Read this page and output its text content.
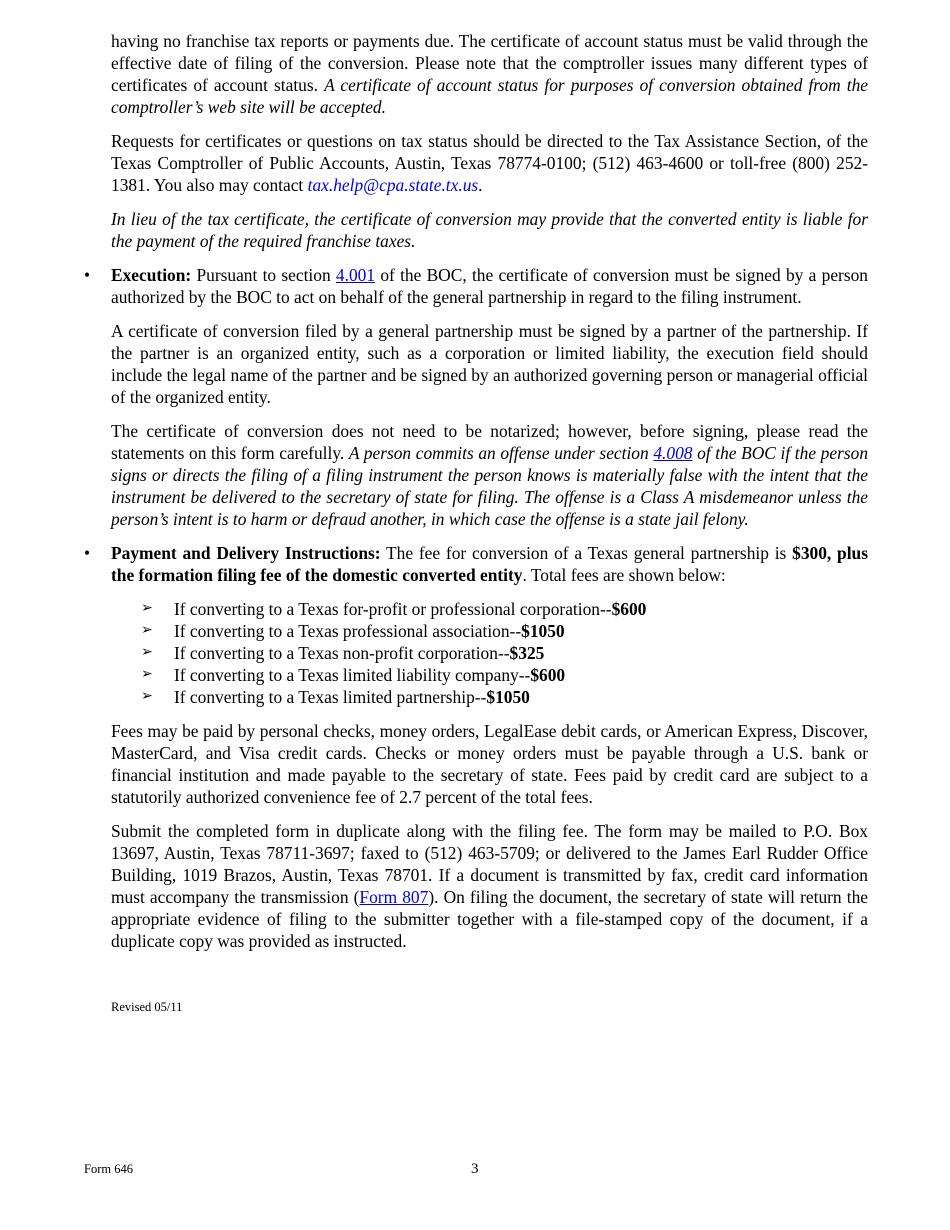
having no franchise tax reports or payments due. The certificate of account status must be valid through the effective date of filing of the conversion. Please note that the comptroller issues many different types of certificates of account status. A certificate of account status for purposes of conversion obtained from the comptroller’s web site will be accepted.

Requests for certificates or questions on tax status should be directed to the Tax Assistance Section, of the Texas Comptroller of Public Accounts, Austin, Texas 78774-0100; (512) 463-4600 or toll-free (800) 252-1381. You also may contact tax.help@cpa.state.tx.us.

In lieu of the tax certificate, the certificate of conversion may provide that the converted entity is liable for the payment of the required franchise taxes.

• Execution: Pursuant to section 4.001 of the BOC, the certificate of conversion must be signed by a person authorized by the BOC to act on behalf of the general partnership in regard to the filing instrument.

A certificate of conversion filed by a general partnership must be signed by a partner of the partnership. If the partner is an organized entity, such as a corporation or limited liability, the execution field should include the legal name of the partner and be signed by an authorized governing person or managerial official of the organized entity.

The certificate of conversion does not need to be notarized; however, before signing, please read the statements on this form carefully. A person commits an offense under section 4.008 of the BOC if the person signs or directs the filing of a filing instrument the person knows is materially false with the intent that the instrument be delivered to the secretary of state for filing. The offense is a Class A misdemeanor unless the person’s intent is to harm or defraud another, in which case the offense is a state jail felony.

• Payment and Delivery Instructions: The fee for conversion of a Texas general partnership is $300, plus the formation filing fee of the domestic converted entity. Total fees are shown below:

➢ If converting to a Texas for-profit or professional corporation--$600
➢ If converting to a Texas professional association--$1050
➢ If converting to a Texas non-profit corporation--$325
➢ If converting to a Texas limited liability company--$600
➢ If converting to a Texas limited partnership--$1050

Fees may be paid by personal checks, money orders, LegalEase debit cards, or American Express, Discover, MasterCard, and Visa credit cards. Checks or money orders must be payable through a U.S. bank or financial institution and made payable to the secretary of state. Fees paid by credit card are subject to a statutorily authorized convenience fee of 2.7 percent of the total fees.

Submit the completed form in duplicate along with the filing fee. The form may be mailed to P.O. Box 13697, Austin, Texas 78711-3697; faxed to (512) 463-5709; or delivered to the James Earl Rudder Office Building, 1019 Brazos, Austin, Texas 78701. If a document is transmitted by fax, credit card information must accompany the transmission (Form 807). On filing the document, the secretary of state will return the appropriate evidence of filing to the submitter together with a file-stamped copy of the document, if a duplicate copy was provided as instructed.

Revised 05/11
Form 646	3
